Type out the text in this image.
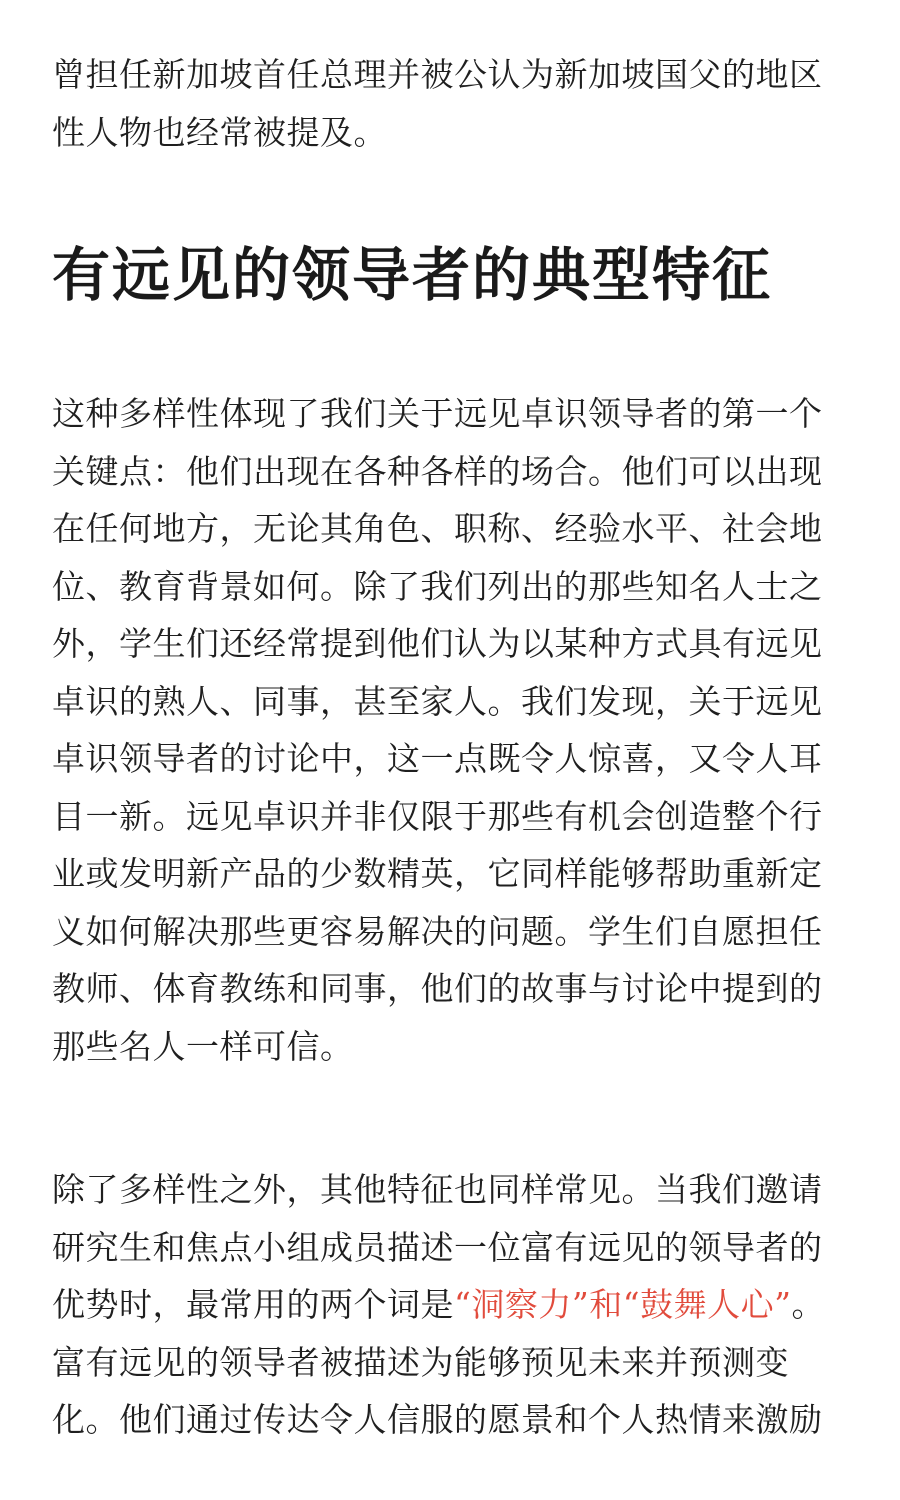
曾担任新加坡首任总理并被公认为新加坡国父的地区性人物也经常被提及。

有远见的领导者的典型特征

这种多样性体现了我们关于远见卓识领导者的第一个关键点：他们出现在各种各样的场合。他们可以出现在任何地方，无论其角色、职称、经验水平、社会地位、教育背景如何。除了我们列出的那些知名人士之外，学生们还经常提到他们认为以某种方式具有远见卓识的熟人、同事，甚至家人。我们发现，关于远见卓识领导者的讨论中，这一点既令人惊喜，又令人耳目一新。远见卓识并非仅限于那些有机会创造整个行业或发明新产品的少数精英，它同样能够帮助重新定义如何解决那些更容易解决的问题。学生们自愿担任教师、体育教练和同事，他们的故事与讨论中提到的那些名人一样可信。

除了多样性之外，其他特征也同样常见。当我们邀请研究生和焦点小组成员描述一位富有远见的领导者的优势时，最常用的两个词是“洞察力”和“鼓舞人心”。富有远见的领导者被描述为能够预见未来并预测变化。他们通过传达令人信服的愿景和个人热情来激励
